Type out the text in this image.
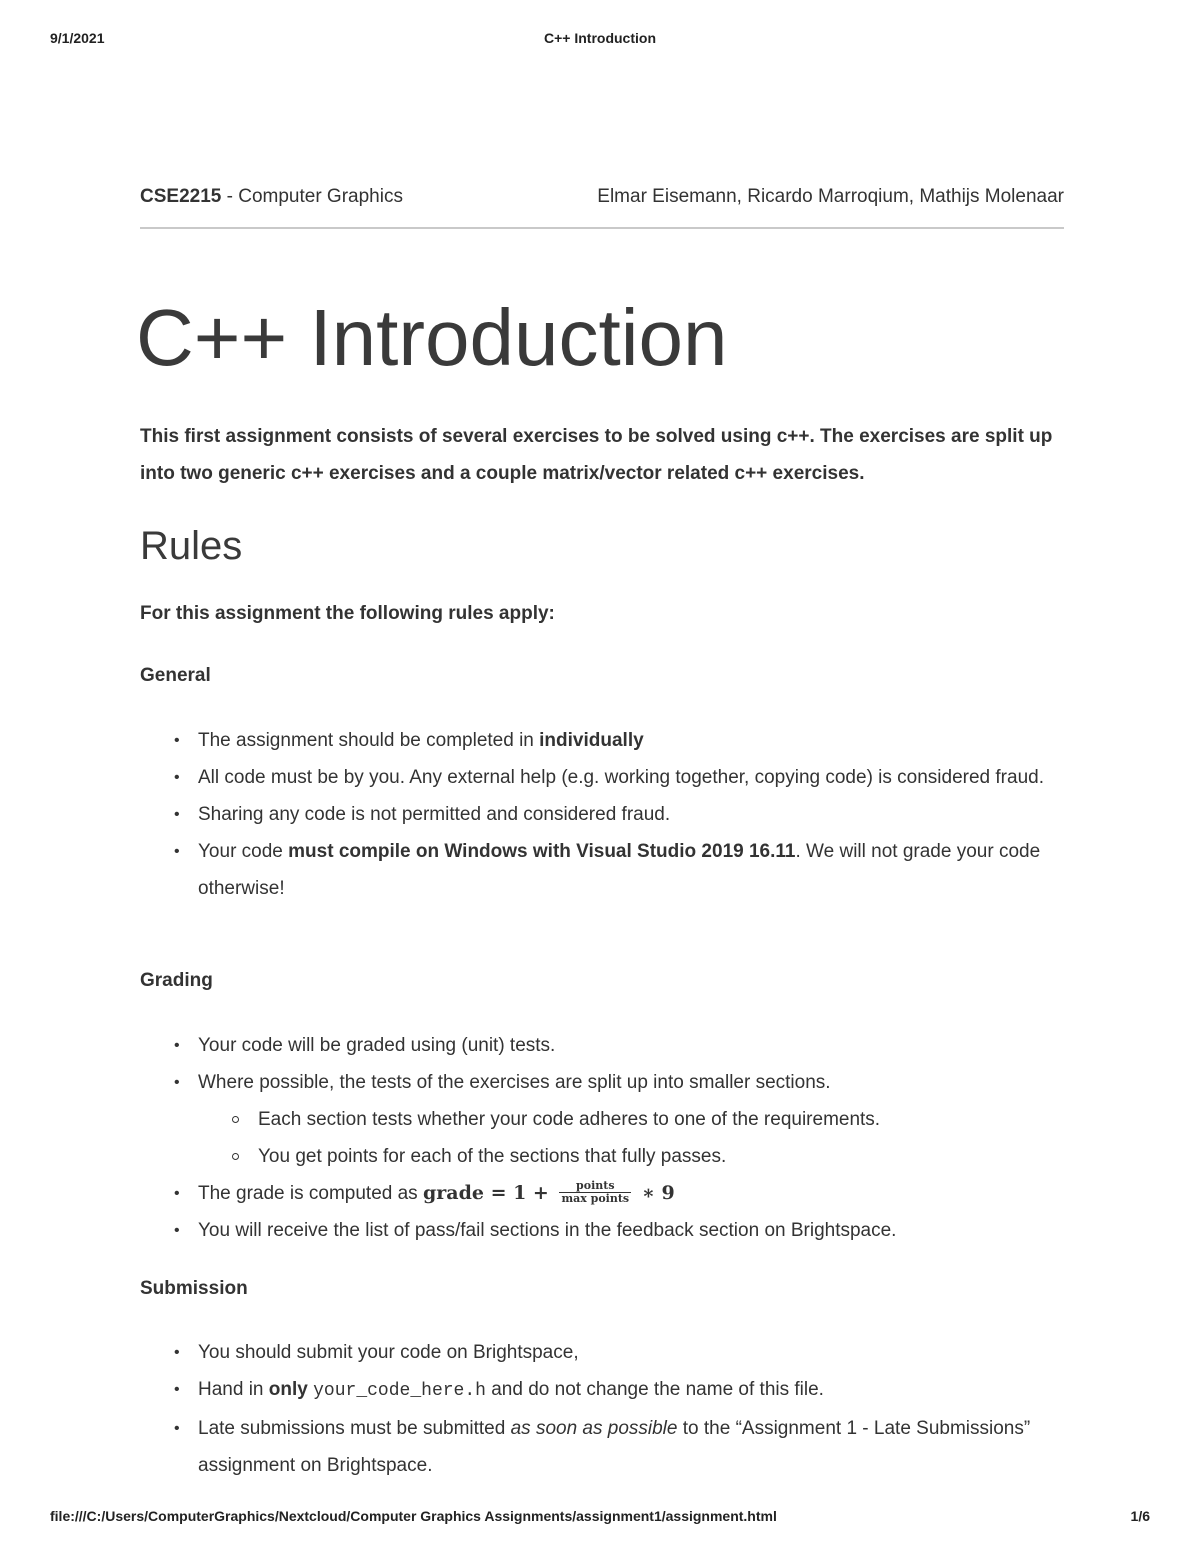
9/1/2021	C++ Introduction
CSE2215 - Computer Graphics	Elmar Eisemann, Ricardo Marroqium, Mathijs Molenaar
C++ Introduction

This first assignment consists of several exercises to be solved using c++. The exercises are split up into two generic c++ exercises and a couple matrix/vector related c++ exercises.

Rules

For this assignment the following rules apply:

General
• The assignment should be completed in individually
• All code must be by you. Any external help (e.g. working together, copying code) is considered fraud.
• Sharing any code is not permitted and considered fraud.
• Your code must compile on Windows with Visual Studio 2019 16.11. We will not grade your code otherwise!
Grading
• Your code will be graded using (unit) tests.
• Where possible, the tests of the exercises are split up into smaller sections.
Each section tests whether your code adheres to one of the requirements.
You get points for each of the sections that fully passes.
• The grade is computed as grade = $1 + \frac{\text{points}}{\text{max points}}$ ∗ 9
• You will receive the list of pass/fail sections in the feedback section on Brightspace.
Submission
• You should submit your code on Brightspace,
• Hand in only your_code_here.h and do not change the name of this file.
• Late submissions must be submitted as soon as possible to the “Assignment 1 - Late Submissions” assignment on Brightspace.
file:///C:/Users/ComputerGraphics/Nextcloud/Computer Graphics Assignments/assignment1/assignment.html	1/6
